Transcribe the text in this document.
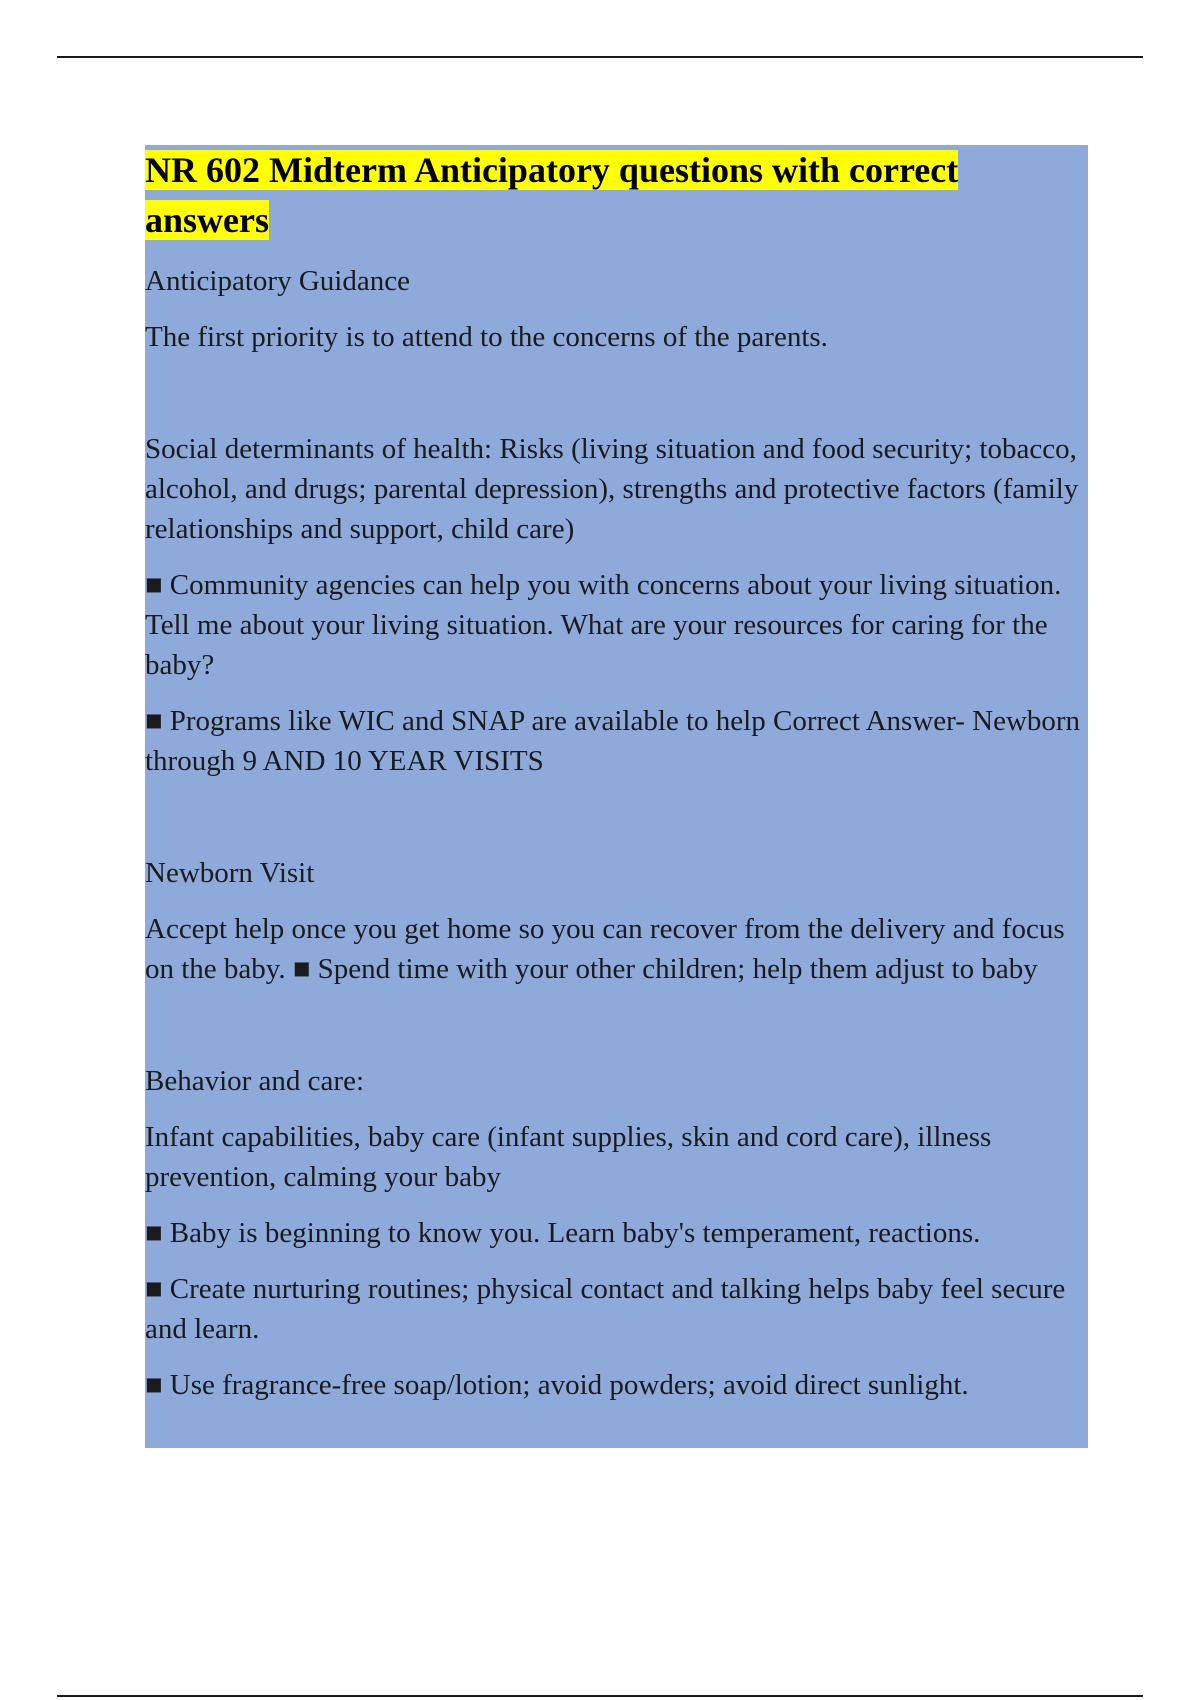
NR 602 Midterm Anticipatory questions with correct answers

Anticipatory Guidance

The first priority is to attend to the concerns of the parents.

Social determinants of health: Risks (living situation and food security; tobacco, alcohol, and drugs; parental depression), strengths and protective factors (family relationships and support, child care)

■ Community agencies can help you with concerns about your living situation. Tell me about your living situation. What are your resources for caring for the baby?

■ Programs like WIC and SNAP are available to help Correct Answer- Newborn through 9 AND 10 YEAR VISITS

Newborn Visit

Accept help once you get home so you can recover from the delivery and focus on the baby. ■ Spend time with your other children; help them adjust to baby

Behavior and care:

Infant capabilities, baby care (infant supplies, skin and cord care), illness prevention, calming your baby

■ Baby is beginning to know you. Learn baby's temperament, reactions.

■ Create nurturing routines; physical contact and talking helps baby feel secure and learn.

■ Use fragrance-free soap/lotion; avoid powders; avoid direct sunlight.
